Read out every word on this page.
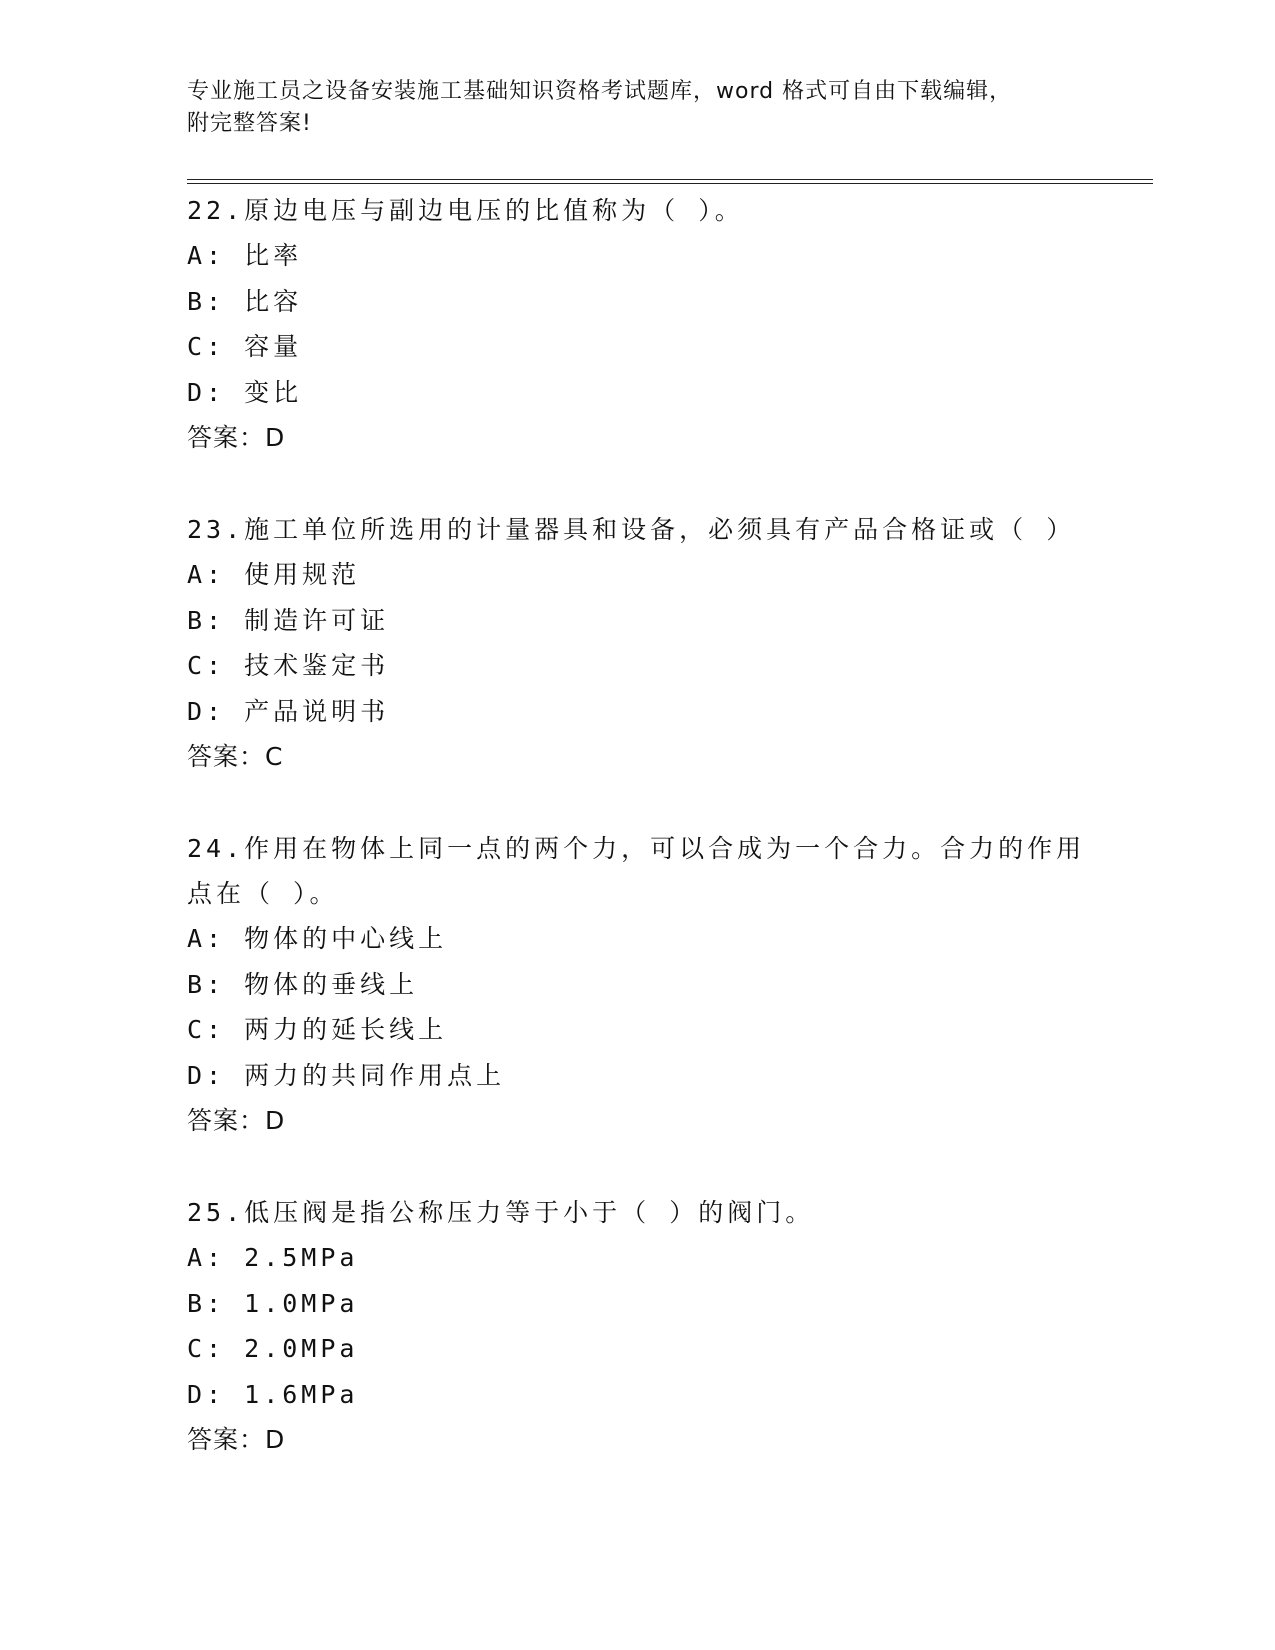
专业施工员之设备安装施工基础知识资格考试题库，word 格式可自由下载编辑，
附完整答案!

22.原边电压与副边电压的比值称为（ ）。

A: 比率
B: 比容
C: 容量
D: 变比
答案：D

23.施工单位所选用的计量器具和设备，必须具有产品合格证或（ ）

A: 使用规范
B: 制造许可证
C: 技术鉴定书
D: 产品说明书
答案：C

24.作用在物体上同一点的两个力，可以合成为一个合力。合力的作用点在（ ）。

A: 物体的中心线上
B: 物体的垂线上
C: 两力的延长线上
D: 两力的共同作用点上
答案：D

25.低压阀是指公称压力等于小于（ ）的阀门。

A: 2.5MPa
B: 1.0MPa
C: 2.0MPa
D: 1.6MPa
答案：D
